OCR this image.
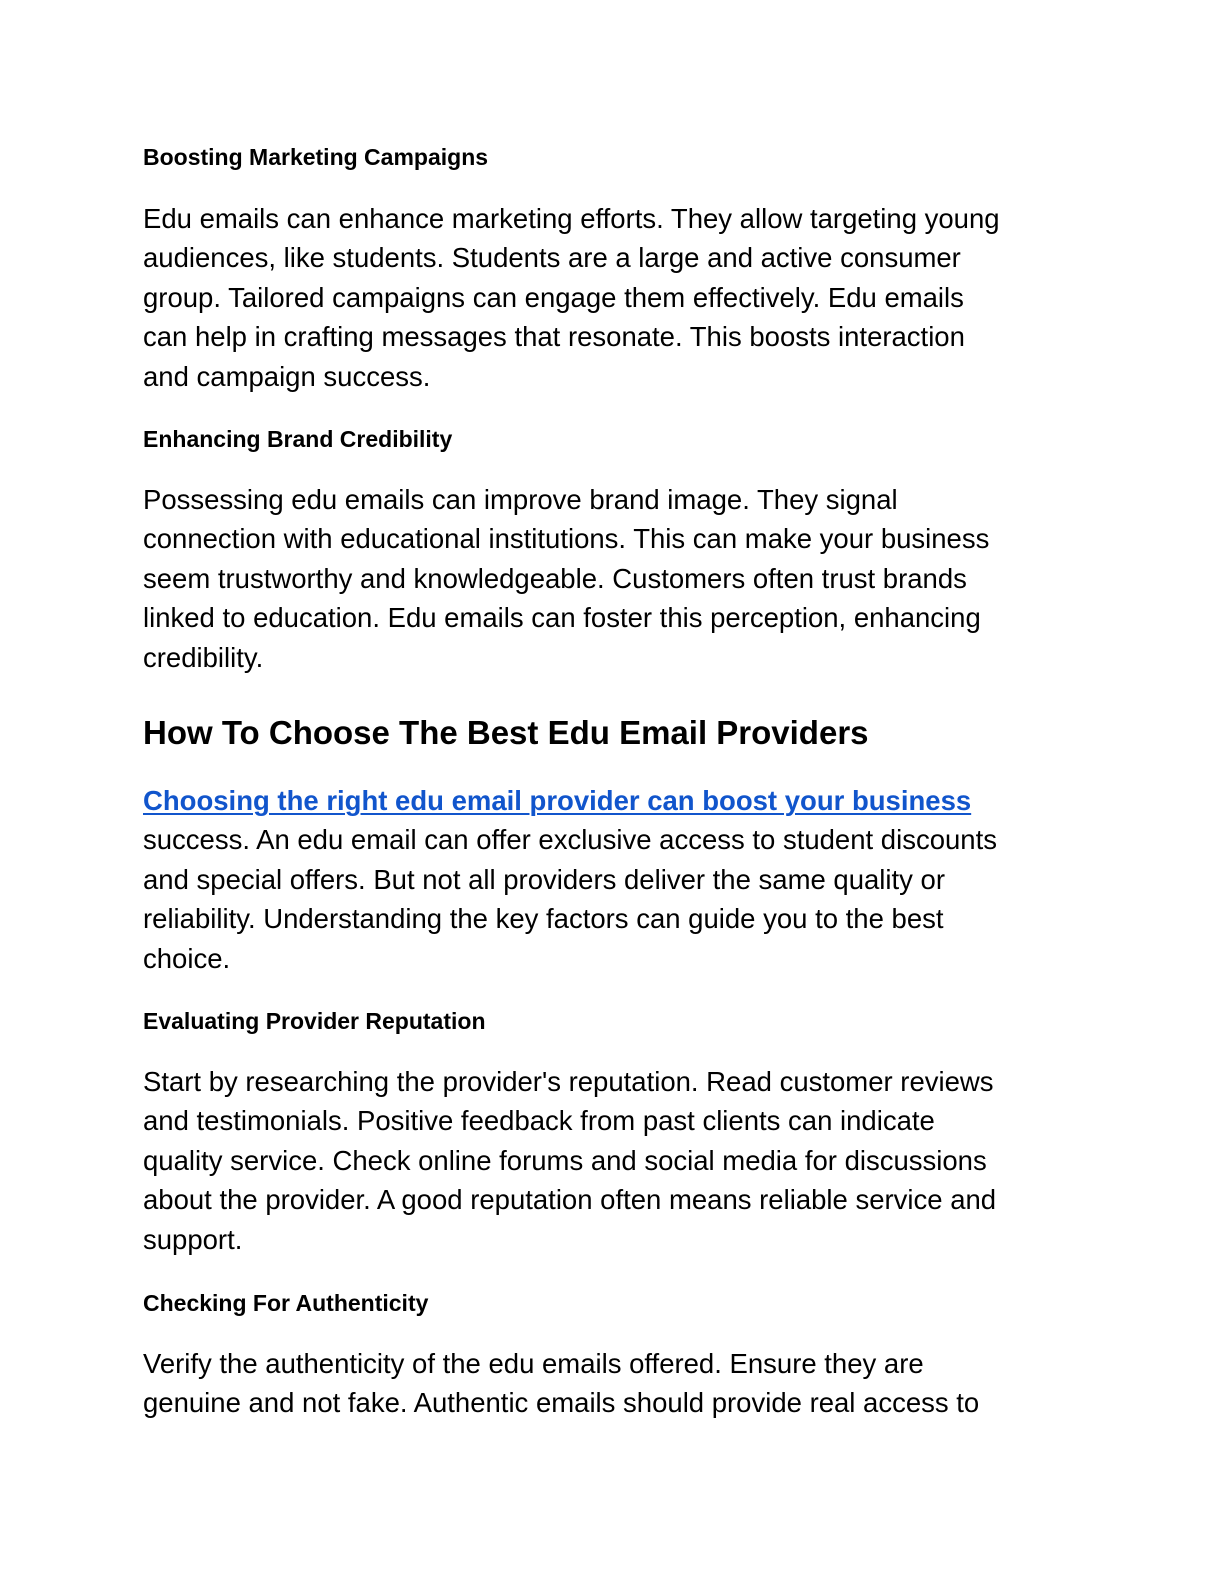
Boosting Marketing Campaigns
Edu emails can enhance marketing efforts. They allow targeting young
audiences, like students. Students are a large and active consumer
group. Tailored campaigns can engage them effectively. Edu emails
can help in crafting messages that resonate. This boosts interaction
and campaign success.
Enhancing Brand Credibility
Possessing edu emails can improve brand image. They signal
connection with educational institutions. This can make your business
seem trustworthy and knowledgeable. Customers often trust brands
linked to education. Edu emails can foster this perception, enhancing
credibility.
How To Choose The Best Edu Email Providers
Choosing the right edu email provider can boost your business
success. An edu email can offer exclusive access to student discounts
and special offers. But not all providers deliver the same quality or
reliability. Understanding the key factors can guide you to the best
choice.
Evaluating Provider Reputation
Start by researching the provider's reputation. Read customer reviews
and testimonials. Positive feedback from past clients can indicate
quality service. Check online forums and social media for discussions
about the provider. A good reputation often means reliable service and
support.
Checking For Authenticity
Verify the authenticity of the edu emails offered. Ensure they are
genuine and not fake. Authentic emails should provide real access to
